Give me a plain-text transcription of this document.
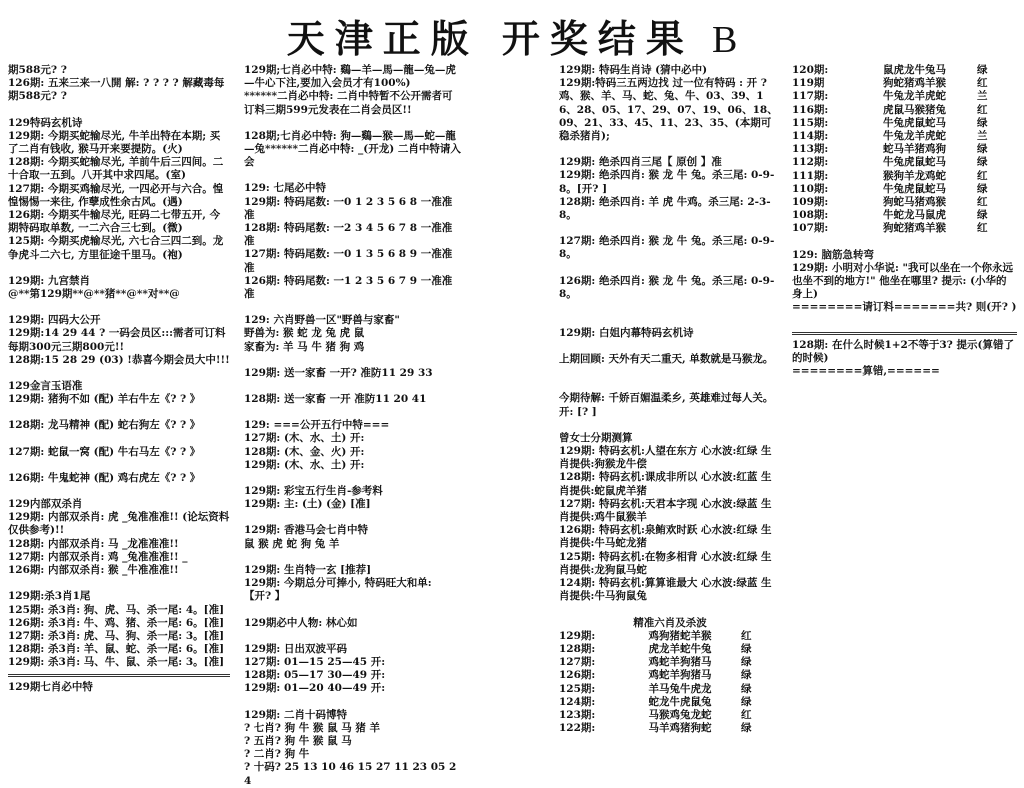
天津正版 开奖结果 B
期588元? ?
126期: 五来三来一八開 解: ? ? ? ? 解藏毒每
期588元? ?
129特码玄机诗
129期: 今期买蛇输尽光, 牛羊出特在本期; 买了二肖有钱收, 猴马开来要提防。(火)
128期: 今期买蛇输尽光, 羊前牛后三四间。二十合取一五到。八开其中求四尾。(室)
127期: 今期买鸡输尽光, 一四必开与六合。惶惶惕惕一来往, 作孽成性余古风。(遇)
126期: 今期买牛输尽光, 旺码二七带五开, 今期特码取单数, 一二六合三七到。(微)
125期: 今期买虎输尽光, 六七合三四二到。龙争虎斗二六七, 方里征途千里马。(袍)
129期: 九宫禁肖
@**第129期**@**猪**@**对**@
129期: 四码大公开
129期:14 29 44 ? 一码会员区:::需者可订料每期300元三期800元!!
128期:15 28 29 (03) !恭喜今期会员大中!!!
129金言玉语准
129期: 猪狗不如 (配) 羊右牛左《? ? 》
128期: 龙马精神 (配) 蛇右狗左《? ? 》
127期: 蛇鼠一窝 (配) 牛右马左《? ? 》
126期: 牛鬼蛇神 (配) 鸡右虎左《? ? 》
129内部双杀肖
129期: 内部双杀肖: 虎 _兔准准准!! (论坛资料仅供参考)!!
128期: 内部双杀肖: 马 _龙准准准!!
127期: 内部双杀肖: 鸡 _兔准准准!! _
126期: 内部双杀肖: 猴 _牛准准准!!
129期:杀3肖1尾
125期: 杀3肖: 狗、虎、马、杀一尾: 4。[准]
126期: 杀3肖: 牛、鸡、猪、杀一尾: 6。[准]
127期: 杀3肖: 虎、马、狗、杀一尾: 3。[准]
128期: 杀3肖: 羊、鼠、蛇、杀一尾: 6。[准]
129期: 杀3肖: 马、牛、鼠、杀一尾: 3。[准]
129期七肖必中特
129期;七肖必中特: 鷄—羊—馬—龍—兔—虎—牛心下注,要加入会员才有100%)
******二肖必中特: 二肖中特暂不公开需者可订料三期599元发表在二肖会员区!!
128期;七肖必中特: 狗—鷄—猴—馬—蛇—龍—兔******二肖必中特: _(开龙) 二肖中特请入会
129: 七尾必中特
129期: 特码尾数: 一0 1 2 3 5 6 8 一准准准
128期: 特码尾数: 一2 3 4 5 6 7 8 一准准准
127期: 特码尾数: 一0 1 3 5 6 8 9 一准准准
126期: 特码尾数: 一1 2 3 5 6 7 9 一准准准
129: 六肖野兽一区"野兽与家畜"
野兽为: 猴 蛇 龙 兔 虎 鼠
家畜为: 羊 马 牛 猪 狗 鸡
129期: 送一家畜 一开? 准防11 29 33
128期: 送一家畜 一开 准防11 20 41
129: ===公开五行中特===
127期: (木、水、土) 开:
128期: (木、金、火) 开:
129期: (木、水、土) 开:
129期: 彩宝五行生肖-参考料
129期: 主: (土) (金) [准]
129期: 香港马会七肖中特
鼠 猴 虎 蛇 狗 兔 羊
129期: 生肖特一玄 [推荐]
129期: 今期总分可捧小, 特码旺大和单: 【开? 】
129期必中人物: 林心如
129期: 日出双波平码
127期: 01—15 25—45 开:
128期: 05—17 30—49 开:
129期: 01—20 40—49 开:
129期: 二肖十码博特
? 七肖? 狗 牛 猴 鼠 马 猪 羊
? 五肖? 狗 牛 猴 鼠 马
? 二肖? 狗 牛
? 十码? 25 13 10 46 15 27 11 23 05 24
129期: 特码生肖诗 (猜中必中)
129期:特码三五两边找 过一位有特码 : 开 ?
鸡、猴、羊、马、蛇、兔、牛、03、39、16、28、05、17、29、07、19、06、18、09、21、33、45、11、23、35、(本期可稳杀猪肖);
129期: 绝杀四肖三尾【 原创 】准
129期: 绝杀四肖: 猴 龙 牛 兔。杀三尾: 0-9-8。[开? ]
128期: 绝杀四肖: 羊 虎 牛鸡。杀三尾: 2-3-8。
127期: 绝杀四肖: 猴 龙 牛 兔。杀三尾: 0-9-8。
126期: 绝杀四肖: 猴 龙 牛 兔。杀三尾: 0-9-8。
129期: 白姐内幕特码玄机诗
上期回顾: 天外有天二重天, 单数就是马猴龙。
今期待解: 千娇百媚温柔乡, 英雄难过每人关。开: [? ]
曾女士分期测算
129期: 特码玄机:人望在东方 心水波:红绿 生肖提供:狗猴龙牛偿
128期: 特码玄机:课成非所以 心水波:红蓝 生肖提供:蛇鼠虎羊猪
127期: 特码玄机:天君本字现 心水波:绿蓝 生肖提供:鸡牛鼠猴羊
126期: 特码玄机:泉鲔欢时跃 心水波:红绿 生肖提供:牛马蛇龙猪
125期: 特码玄机:在物多相背 心水波:红绿 生肖提供:龙狗鼠马蛇
124期: 特码玄机:算算谁最大 心水波:绿蓝 生肖提供:牛马狗鼠兔
精准六肖及杀波
129期:	鸡狗猪蛇羊猴	红
128期:	虎龙羊蛇牛兔	绿
127期:	鸡蛇羊狗猪马	绿
126期:	鸡蛇羊狗猪马	绿
125期:	羊马兔牛虎龙	绿
124期:	蛇龙牛虎鼠兔	绿
123期:	马猴鸡兔龙蛇	红
122期:	马羊鸡猪狗蛇	绿
120期:	鼠虎龙牛兔马	绿
119期	狗蛇猪鸡羊猴	红
117期:	牛兔龙羊虎蛇	兰
116期:	虎鼠马猴猪兔	红
115期:	牛兔虎鼠蛇马	绿
114期:	牛兔龙羊虎蛇	兰
113期:	蛇马羊猪鸡狗	绿
112期:	牛兔虎鼠蛇马	绿
111期:	猴狗羊龙鸡蛇	红
110期:	牛兔虎鼠蛇马	绿
109期:	狗蛇马猪鸡猴	红
108期:	牛蛇龙马鼠虎	绿
107期:	狗蛇猪鸡羊猴	红
129: 脑筋急转弯
129期: 小明对小华说: "我可以坐在一个你永远也坐不到的地方!" 他坐在哪里? 提示: (小华的身上)
========请订料=======共? 则(开? )
128期: 在什么时候1+2不等于3? 提示(算错了的时候)
========算错,======
